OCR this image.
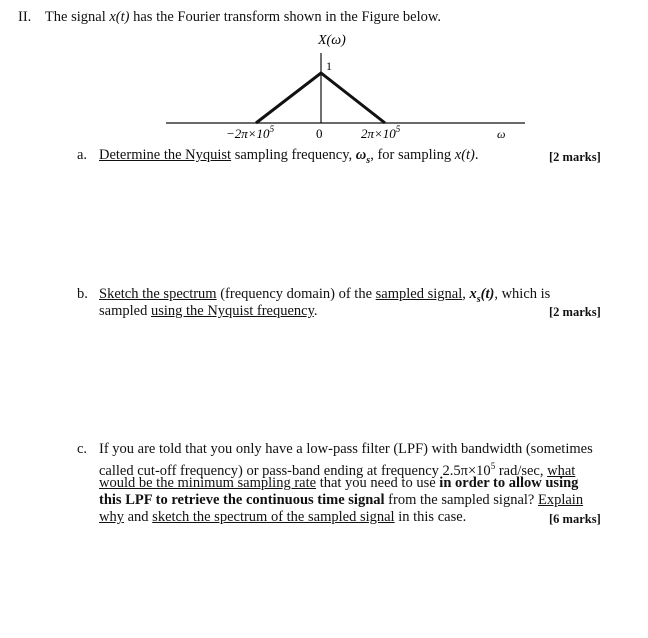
II. The signal x(t) has the Fourier transform shown in the Figure below.
X(ω)
1
$-2\pi\times 10^5$	0	$2\pi\times 10^5$	ω
a. Determine the Nyquist sampling frequency, $\omega_s$, for sampling x(t).	[2 marks]
b. Sketch the spectrum (frequency domain) of the sampled signal, $x_s(t)$, which is
sampled using the Nyquist frequency.	[2 marks]
c. If you are told that you only have a low-pass filter (LPF) with bandwidth (sometimes
called cut-off frequency) or pass-band ending at frequency $2.5\pi\times 10^5$ rad/sec, what
would be the minimum sampling rate that you need to use in order to allow using
this LPF to retrieve the continuous time signal from the sampled signal? Explain
why and sketch the spectrum of the sampled signal in this case.	[6 marks]
